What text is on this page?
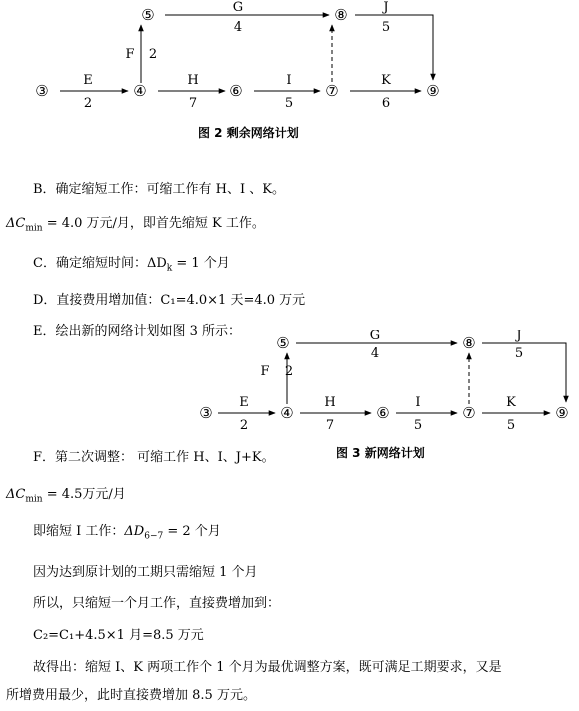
③	④
⑤
⑥	⑦
⑧
⑨
E
2
F 2
G
4
H
7
I
5
J
5
K
6
图 2 剩余网络计划
B．确定缩短工作：可缩工作有 H、I 、K。
$\Delta C_{min} = 4.0$ 万元/月，即首先缩短 K 工作。
C．确定缩短时间：$\Delta D_k = 1$ 个月
D．直接费用增加值：C₁=4.0×1 天=4.0 万元
E．绘出新的网络计划如图 3 所示：
③	④
⑤
⑥	⑦
⑧
⑨
E
2
F 2
G
4
H
7
I
5
J
5
K
5
F．第二次调整： 可缩工作 H、I、J+K。	图 3 新网络计划
$\Delta C_{min} = 4.5$万元/月
即缩短 I 工作：$\Delta D_{6-7} = 2$ 个月
因为达到原计划的工期只需缩短 1 个月
所以，只缩短一个月工作，直接费增加到：
C₂=C₁+4.5×1 月=8.5 万元
故得出：缩短 I、K 两项工作个 1 个月为最优调整方案，既可满足工期要求，又是
所增费用最少，此时直接费增加 8.5 万元。
